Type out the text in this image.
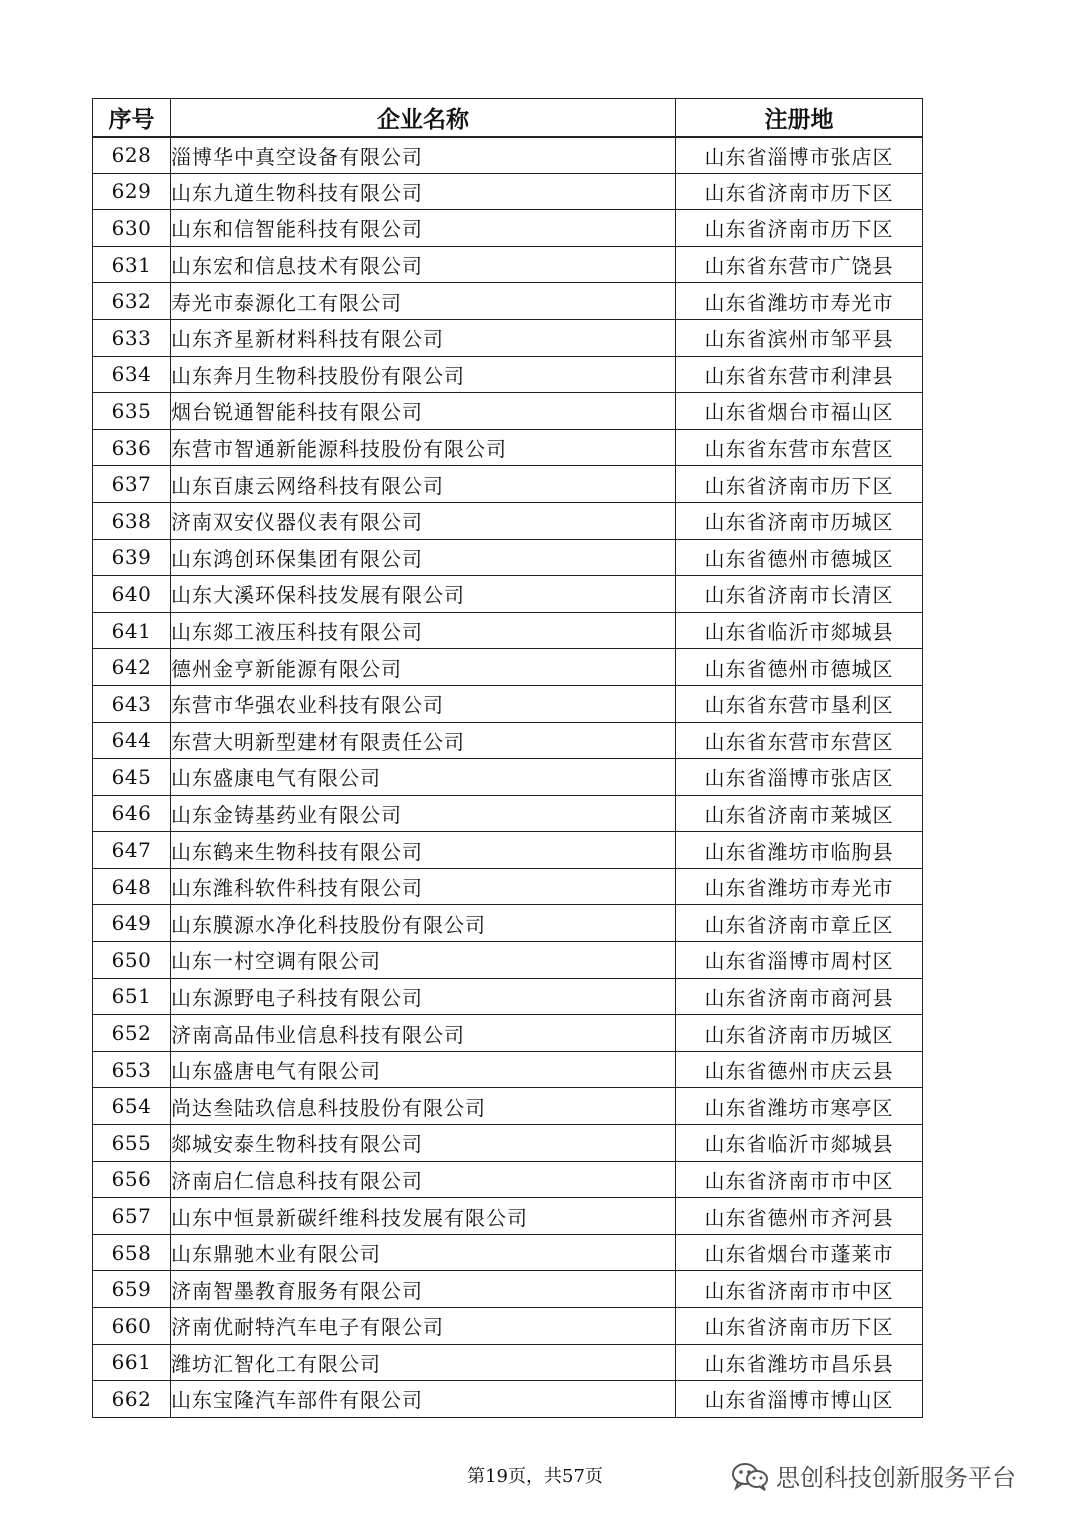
序号	企业名称	注册地
628	淄博华中真空设备有限公司	山东省淄博市张店区
629	山东九道生物科技有限公司	山东省济南市历下区
630	山东和信智能科技有限公司	山东省济南市历下区
631	山东宏和信息技术有限公司	山东省东营市广饶县
632	寿光市泰源化工有限公司	山东省潍坊市寿光市
633	山东齐星新材料科技有限公司	山东省滨州市邹平县
634	山东奔月生物科技股份有限公司	山东省东营市利津县
635	烟台锐通智能科技有限公司	山东省烟台市福山区
636	东营市智通新能源科技股份有限公司	山东省东营市东营区
637	山东百康云网络科技有限公司	山东省济南市历下区
638	济南双安仪器仪表有限公司	山东省济南市历城区
639	山东鸿创环保集团有限公司	山东省德州市德城区
640	山东大溪环保科技发展有限公司	山东省济南市长清区
641	山东郯工液压科技有限公司	山东省临沂市郯城县
642	德州金亨新能源有限公司	山东省德州市德城区
643	东营市华强农业科技有限公司	山东省东营市垦利区
644	东营大明新型建材有限责任公司	山东省东营市东营区
645	山东盛康电气有限公司	山东省淄博市张店区
646	山东金铸基药业有限公司	山东省济南市莱城区
647	山东鹤来生物科技有限公司	山东省潍坊市临朐县
648	山东潍科软件科技有限公司	山东省潍坊市寿光市
649	山东膜源水净化科技股份有限公司	山东省济南市章丘区
650	山东一村空调有限公司	山东省淄博市周村区
651	山东源野电子科技有限公司	山东省济南市商河县
652	济南高品伟业信息科技有限公司	山东省济南市历城区
653	山东盛唐电气有限公司	山东省德州市庆云县
654	尚达叁陆玖信息科技股份有限公司	山东省潍坊市寒亭区
655	郯城安泰生物科技有限公司	山东省临沂市郯城县
656	济南启仁信息科技有限公司	山东省济南市市中区
657	山东中恒景新碳纤维科技发展有限公司	山东省德州市齐河县
658	山东鼎驰木业有限公司	山东省烟台市蓬莱市
659	济南智墨教育服务有限公司	山东省济南市市中区
660	济南优耐特汽车电子有限公司	山东省济南市历下区
661	潍坊汇智化工有限公司	山东省潍坊市昌乐县
662	山东宝隆汽车部件有限公司	山东省淄博市博山区
第19页，共57页	思创科技创新服务平台
